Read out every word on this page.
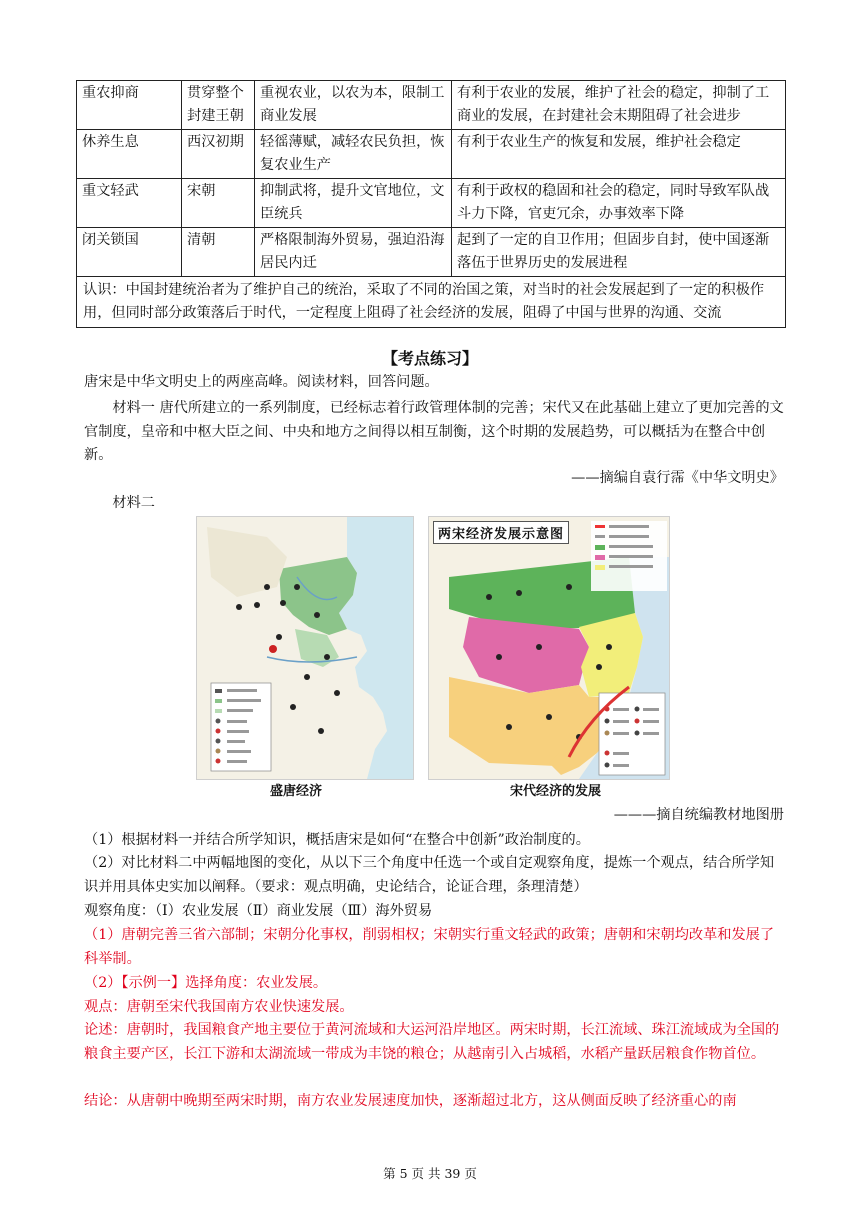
重农抑商	贯穿整个封建王朝	重视农业，以农为本，限制工商业发展	有利于农业的发展，维护了社会的稳定，抑制了工商业的发展，在封建社会末期阻碍了社会进步
休养生息	西汉初期	轻徭薄赋，减轻农民负担，恢复农业生产	有利于农业生产的恢复和发展，维护社会稳定
重文轻武	宋朝	抑制武将，提升文官地位，文臣统兵	有利于政权的稳固和社会的稳定，同时导致军队战斗力下降，官吏冗余，办事效率下降
闭关锁国	清朝	严格限制海外贸易，强迫沿海居民内迁	起到了一定的自卫作用；但固步自封，使中国逐渐落伍于世界历史的发展进程
认识：中国封建统治者为了维护自己的统治，采取了不同的治国之策，对当时的社会发展起到了一定的积极作用，但同时部分政策落后于时代，一定程度上阻碍了社会经济的发展，阻碍了中国与世界的沟通、交流			
【考点练习】

唐宋是中华文明史上的两座高峰。阅读材料，回答问题。

材料一 唐代所建立的一系列制度，已经标志着行政管理体制的完善；宋代又在此基础上建立了更加完善的文官制度，皇帝和中枢大臣之间、中央和地方之间得以相互制衡，这个时期的发展趋势，可以概括为在整合中创新。

——摘编自袁行霈《中华文明史》

材料二

两宋经济发展示意图
盛唐经济	宋代经济的发展

———摘自统编教材地图册

（1）根据材料一并结合所学知识，概括唐宋是如何“在整合中创新”政治制度的。

（2）对比材料二中两幅地图的变化，从以下三个角度中任选一个或自定观察角度，提炼一个观点，结合所学知识并用具体史实加以阐释。（要求：观点明确，史论结合，论证合理，条理清楚）

观察角度：（Ⅰ）农业发展（Ⅱ）商业发展（Ⅲ）海外贸易

（1）唐朝完善三省六部制；宋朝分化事权，削弱相权；宋朝实行重文轻武的政策；唐朝和宋朝均改革和发展了科举制。

（2）【示例一】选择角度：农业发展。

观点：唐朝至宋代我国南方农业快速发展。

论述：唐朝时，我国粮食产地主要位于黄河流域和大运河沿岸地区。两宋时期，长江流域、珠江流域成为全国的粮食主要产区，长江下游和太湖流域一带成为丰饶的粮仓；从越南引入占城稻，水稻产量跃居粮食作物首位。

结论：从唐朝中晚期至两宋时期，南方农业发展速度加快，逐渐超过北方，这从侧面反映了经济重心的南

第 5 页 共 39 页
